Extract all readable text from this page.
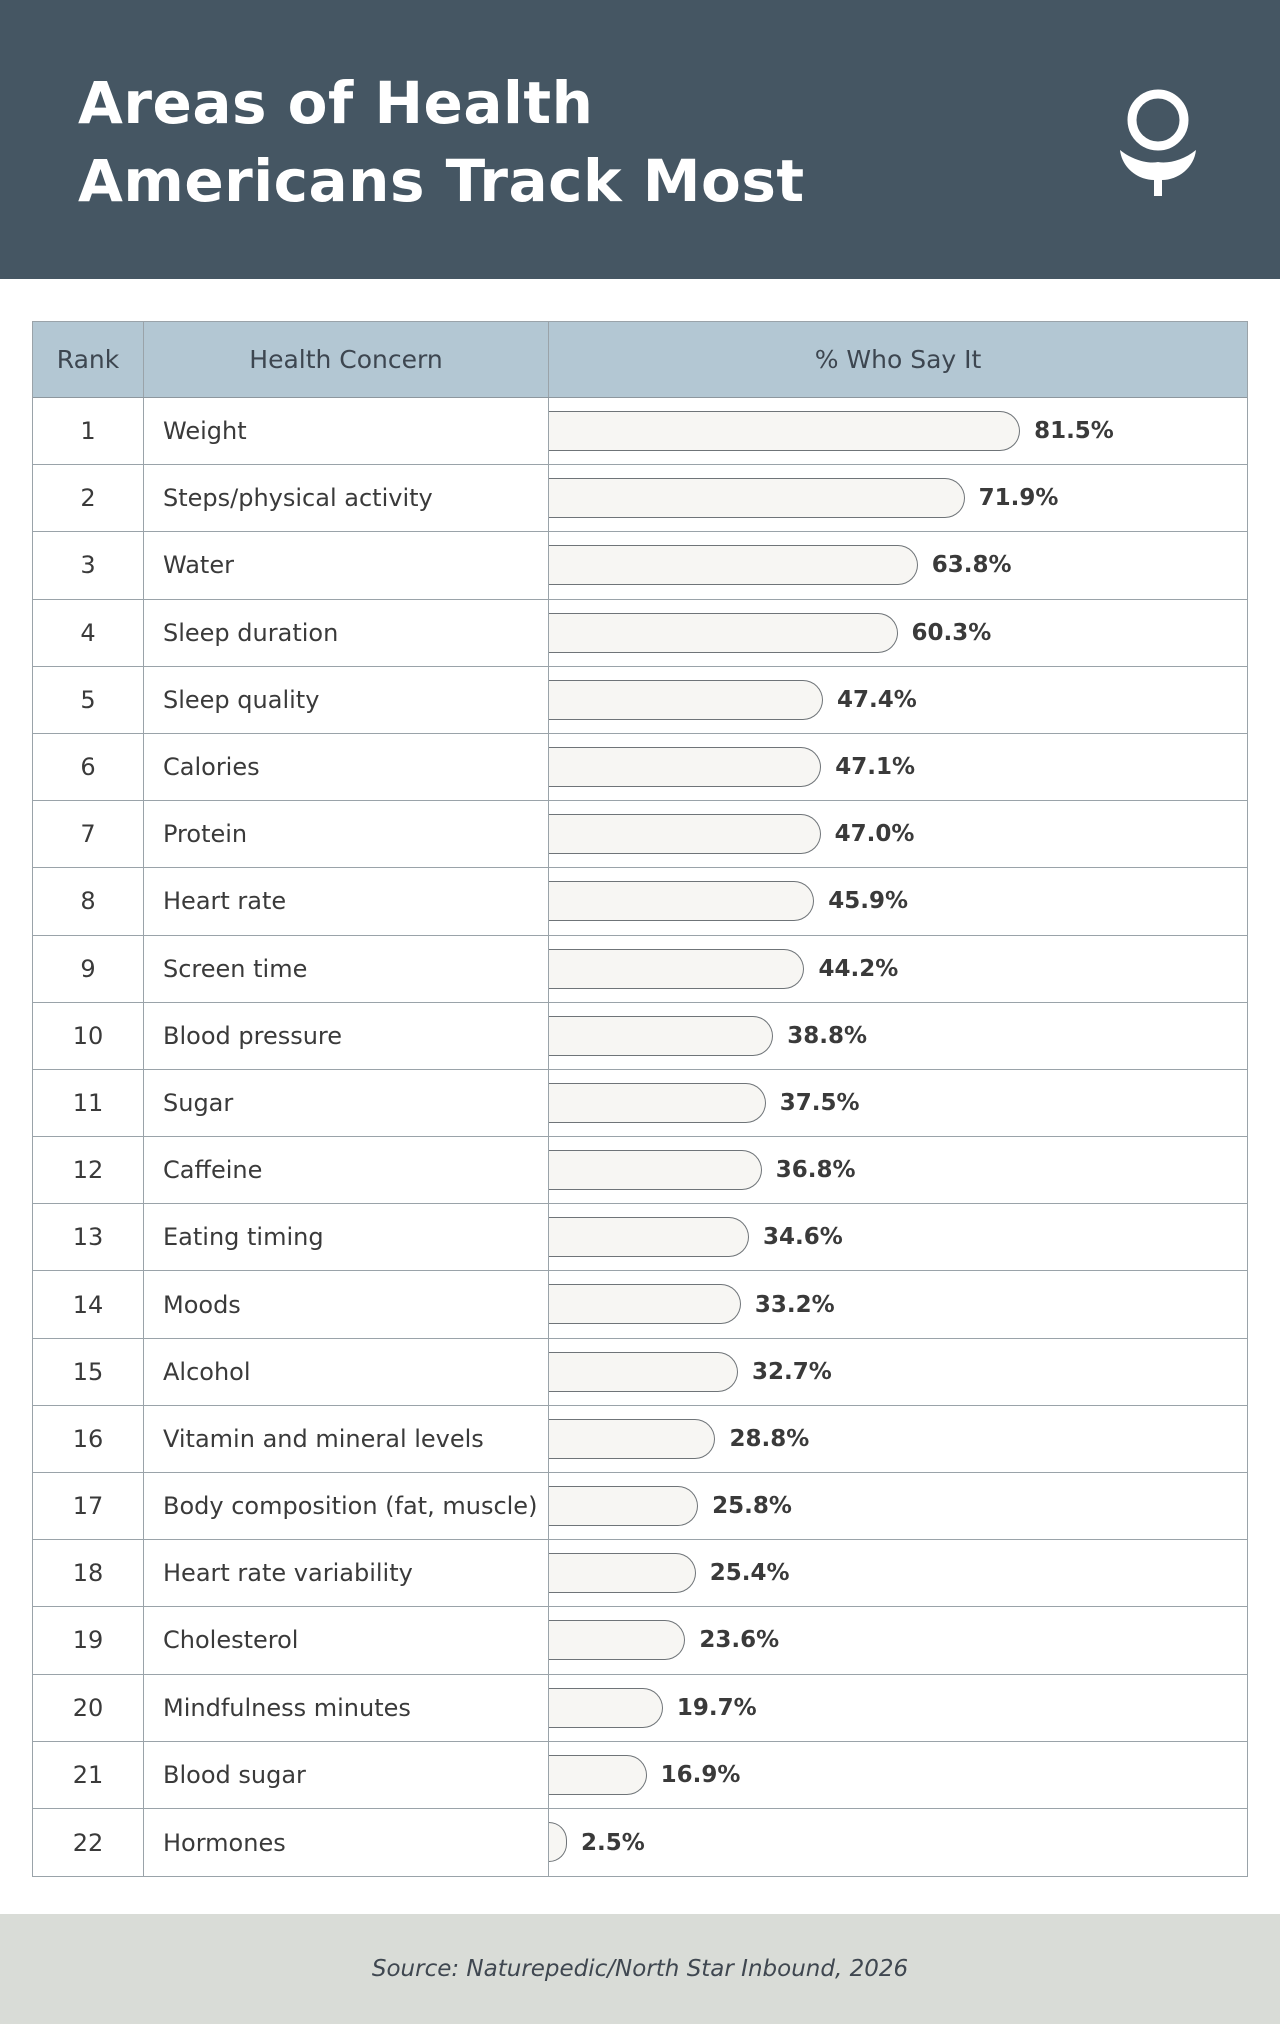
Areas of Health
Americans Track Most
Rank	Health Concern	% Who Say It
1	Weight	81.5%
2	Steps/physical activity	71.9%
3	Water	63.8%
4	Sleep duration	60.3%
5	Sleep quality	47.4%
6	Calories	47.1%
7	Protein	47.0%
8	Heart rate	45.9%
9	Screen time	44.2%
10	Blood pressure	38.8%
11	Sugar	37.5%
12	Caffeine	36.8%
13	Eating timing	34.6%
14	Moods	33.2%
15	Alcohol	32.7%
16	Vitamin and mineral levels	28.8%
17	Body composition (fat, muscle)	25.8%
18	Heart rate variability	25.4%
19	Cholesterol	23.6%
20	Mindfulness minutes	19.7%
21	Blood sugar	16.9%
22	Hormones	2.5%
Source: Naturepedic/North Star Inbound, 2026
